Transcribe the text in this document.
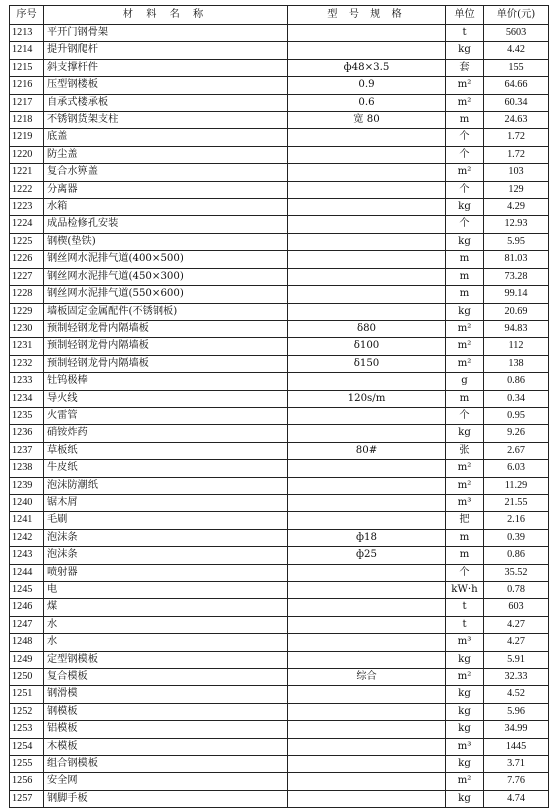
序号	材 料 名 称	型 号 规 格	单位	单价(元)
1213	平开门钢骨架		t	5603
1214	提升钢爬杆		kg	4.42
1215	斜支撑杆件	ф48×3.5	套	155
1216	压型钢楼板	0.9	m²	64.66
1217	自承式楼承板	0.6	m²	60.34
1218	不锈钢货架支柱	宽 80	m	24.63
1219	底盖		个	1.72
1220	防尘盖		个	1.72
1221	复合水箅盖		m²	103
1222	分离器		个	129
1223	水箱		kg	4.29
1224	成品检修孔安装		个	12.93
1225	钢楔(垫铁)		kg	5.95
1226	钢丝网水泥排气道(400×500)		m	81.03
1227	钢丝网水泥排气道(450×300)		m	73.28
1228	钢丝网水泥排气道(550×600)		m	99.14
1229	墙板固定金属配件(不锈钢板)		kg	20.69
1230	预制轻钢龙骨内隔墙板	δ80	m²	94.83
1231	预制轻钢龙骨内隔墙板	δ100	m²	112
1232	预制轻钢龙骨内隔墙板	δ150	m²	138
1233	钍钨极棒		g	0.86
1234	导火线	120s/m	m	0.34
1235	火雷管		个	0.95
1236	硝铵炸药		kg	9.26
1237	草板纸	80#	张	2.67
1238	牛皮纸		m²	6.03
1239	泡沫防潮纸		m²	11.29
1240	锯木屑		m³	21.55
1241	毛刷		把	2.16
1242	泡沫条	ф18	m	0.39
1243	泡沫条	ф25	m	0.86
1244	喷射器		个	35.52
1245	电		kW·h	0.78
1246	煤		t	603
1247	水		t	4.27
1248	水		m³	4.27
1249	定型钢模板		kg	5.91
1250	复合模板	综合	m²	32.33
1251	钢滑模		kg	4.52
1252	钢模板		kg	5.96
1253	铝模板		kg	34.99
1254	木模板		m³	1445
1255	组合钢模板		kg	3.71
1256	安全网		m²	7.76
1257	钢脚手板		kg	4.74
